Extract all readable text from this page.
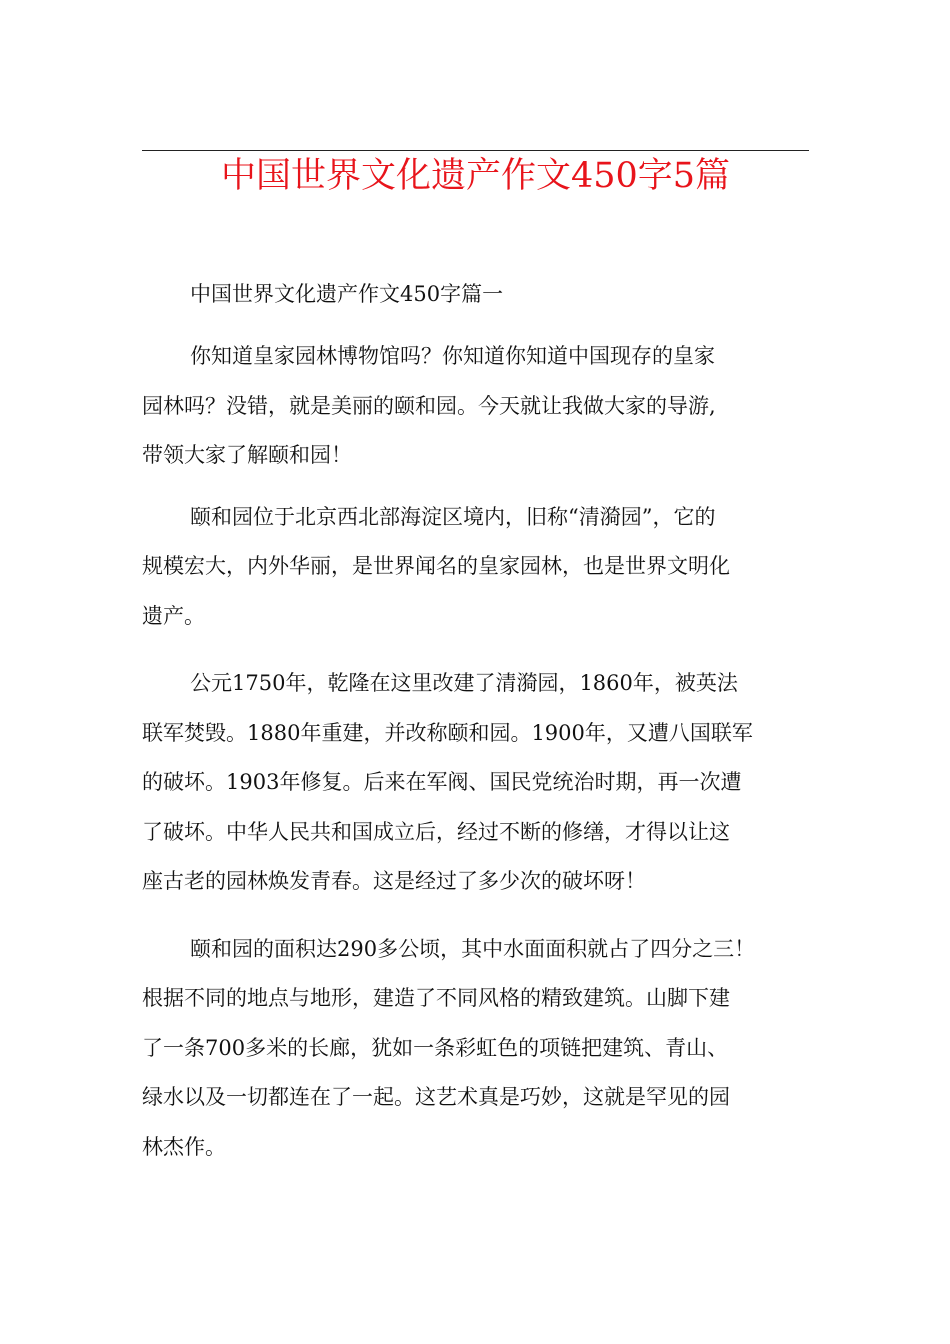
中国世界文化遗产作文450字5篇
中国世界文化遗产作文450字篇一
你知道皇家园林博物馆吗？你知道你知道中国现存的皇家
园林吗？没错，就是美丽的颐和园。今天就让我做大家的导游,
带领大家了解颐和园！
颐和园位于北京西北部海淀区境内，旧称“清漪园”，它的
规模宏大，内外华丽，是世界闻名的皇家园林，也是世界文明化
遗产。
公元1750年，乾隆在这里改建了清漪园，1860年，被英法
联军焚毁。1880年重建，并改称颐和园。1900年，又遭八国联军
的破坏。1903年修复。后来在军阀、国民党统治时期，再一次遭
了破坏。中华人民共和国成立后，经过不断的修缮，才得以让这
座古老的园林焕发青春。这是经过了多少次的破坏呀！
颐和园的面积达290多公顷，其中水面面积就占了四分之三！
根据不同的地点与地形，建造了不同风格的精致建筑。山脚下建
了一条700多米的长廊，犹如一条彩虹色的项链把建筑、青山、
绿水以及一切都连在了一起。这艺术真是巧妙，这就是罕见的园
林杰作。
